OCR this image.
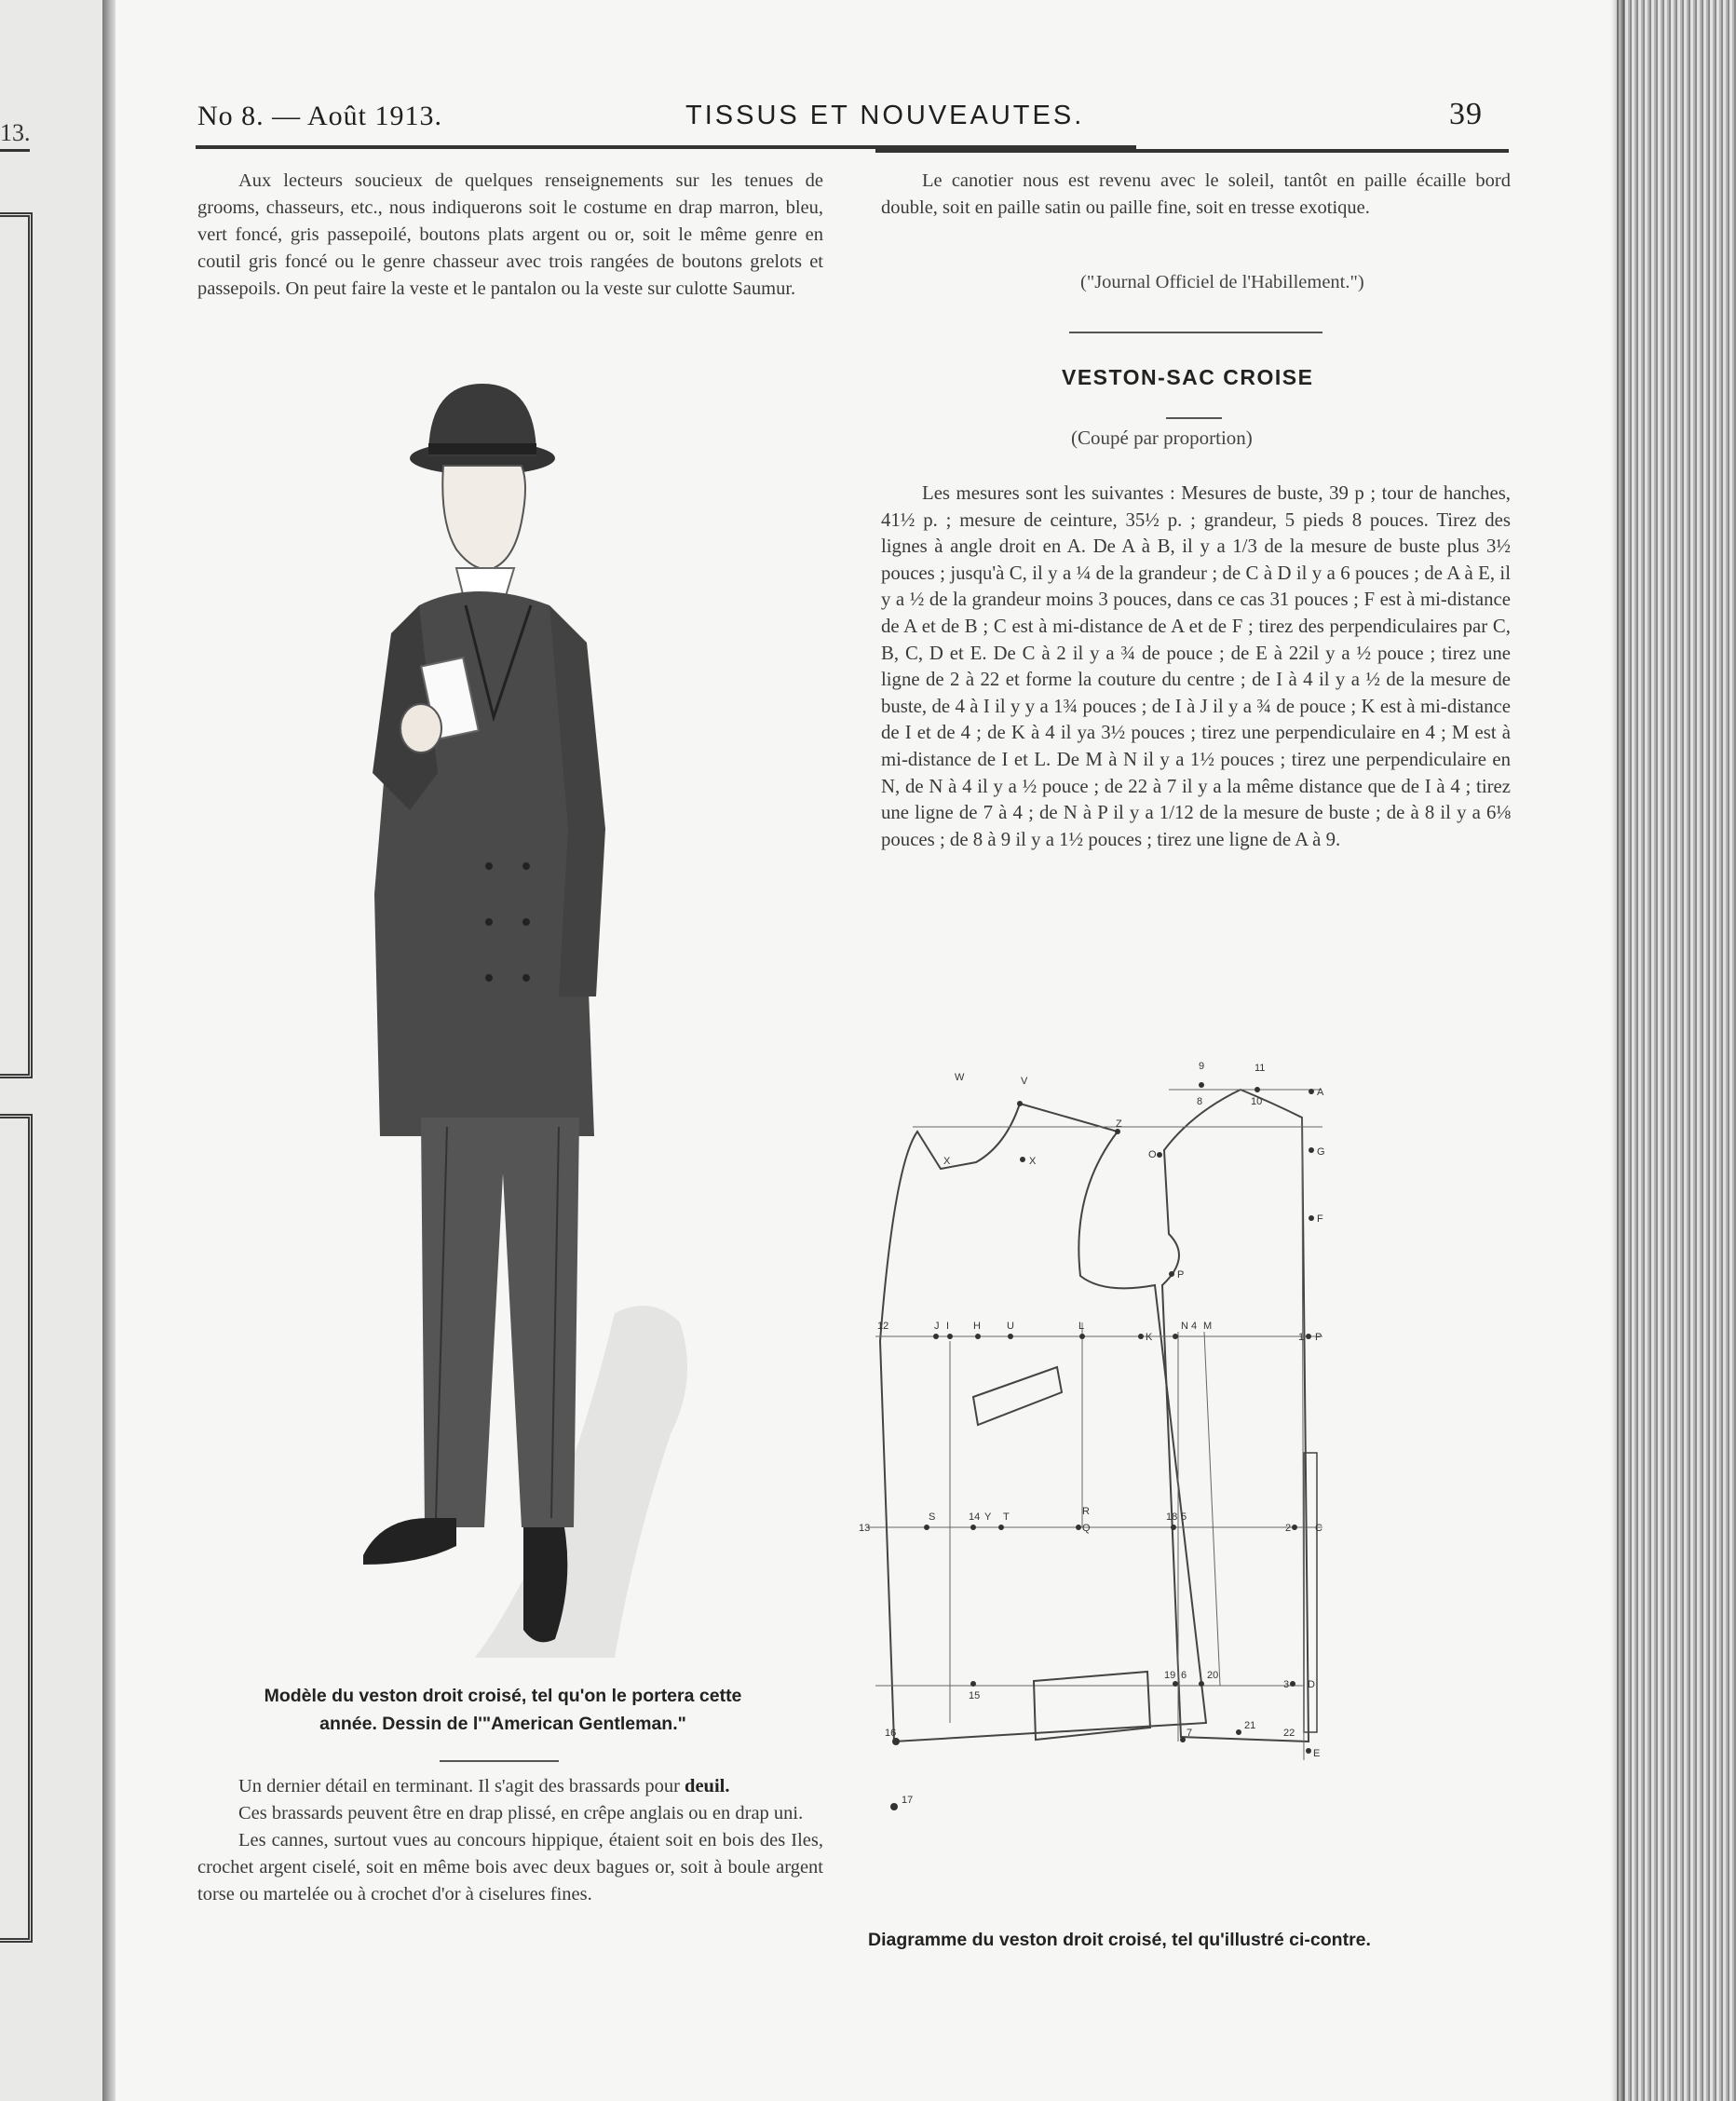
13.
No 8. — Août 1913.	TISSUS ET NOUVEAUTES.	39

Aux lecteurs soucieux de quelques renseignements sur les tenues de grooms, chasseurs, etc., nous indiquerons soit le costume en drap marron, bleu, vert foncé, gris passepoilé, boutons plats argent ou or, soit le même genre en coutil gris foncé ou le genre chasseur avec trois rangées de boutons grelots et passepoils. On peut faire la veste et le pantalon ou la veste sur culotte Saumur.

Le canotier nous est revenu avec le soleil, tantôt en paille écaille bord double, soit en paille satin ou paille fine, soit en tresse exotique.

("Journal Officiel de l'Habillement.")
VESTON-SAC CROISE
(Coupé par proportion)

Les mesures sont les suivantes : Mesures de buste, 39 p ; tour de hanches, 41½ p. ; mesure de ceinture, 35½ p. ; grandeur, 5 pieds 8 pouces. Tirez des lignes à angle droit en A. De A à B, il y a 1/3 de la mesure de buste plus 3½ pouces ; jusqu'à C, il y a ¼ de la grandeur ; de C à D il y a 6 pouces ; de A à E, il y a ½ de la grandeur moins 3 pouces, dans ce cas 31 pouces ; F est à mi-distance de A et de B ; C est à mi-distance de A et de F ; tirez des perpendiculaires par C, B, C, D et E. De C à 2 il y a ¾ de pouce ; de E à 22il y a ½ pouce ; tirez une ligne de 2 à 22 et forme la couture du centre ; de I à 4 il y a ½ de la mesure de buste, de 4 à I il y y a 1¾ pouces ; de I à J il y a ¾ de pouce ; K est à mi-distance de I et de 4 ; de K à 4 il ya 3½ pouces ; tirez une perpendiculaire en 4 ; M est à mi-distance de I et L. De M à N il y a 1½ pouces ; tirez une perpendiculaire en N, de N à 4 il y a ½ pouce ; de 22 à 7 il y a la même distance que de I à 4 ; tirez une ligne de 7 à 4 ; de N à P il y a 1/12 de la mesure de buste ; de à 8 il y a 6⅛ pouces ; de 8 à 9 il y a 1½ pouces ; tirez une ligne de A à 9.

Modèle du veston droit croisé, tel qu'on le portera cette
année. Dessin de l'"American Gentleman."

Un dernier détail en terminant. Il s'agit des brassards pour deuil.

Ces brassards peuvent être en drap plissé, en crêpe anglais ou en drap uni.

Les cannes, surtout vues au concours hippique, étaient soit en bois des Iles, crochet argent ciselé, soit en même bois avec deux bagues or, soit à boule argent torse ou martelée ou à crochet d'or à ciselures fines.

W	V
X	X
Z
9	11
8	10
A
O	G
F
P
12	J I H	U	L
K
N 4 M
1 P
13
S	14 Y T	R
Q
18 5
2 C
15
19 6 20
3 D
16	7
21
22
E
17
Diagramme du veston droit croisé, tel qu'illustré ci-contre.
